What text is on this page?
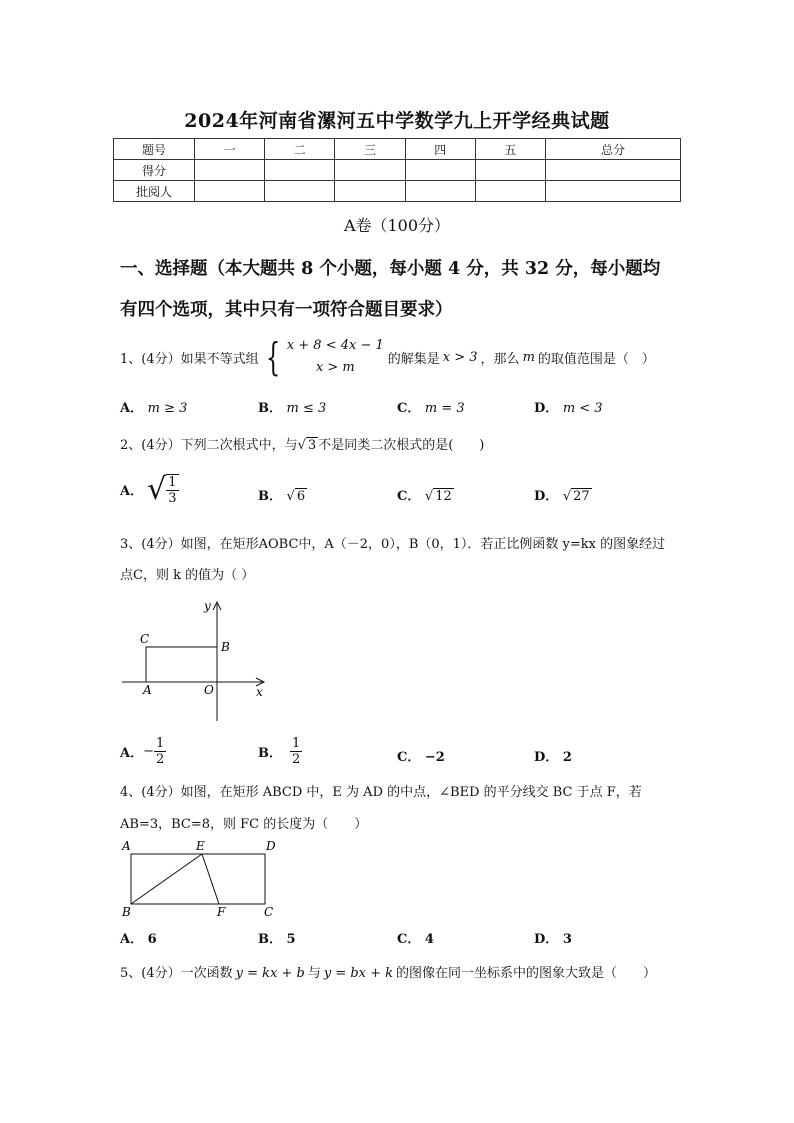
2024年河南省漯河五中学数学九上开学经典试题
题号	一	二	三	四	五	总分
得分						
批阅人						
A卷（100分）
一、选择题（本大题共 8 个小题，每小题 4 分，共 32 分，每小题均
有四个选项，其中只有一项符合题目要求）
1、(4分）如果不等式组 { x + 8 < 4x − 1
x > m
的解集是 x > 3 ，那么 m 的取值范围是（　）
A． m ≥ 3	B． m ≤ 3	C． m = 3	D． m < 3
2、(4分）下列二次根式中，与√ 3 不是同类二次根式的是(　　)
A． √ $\frac{1}{3}$	B． √ 6	C． √ 12	D． √ 27
3、(4分）如图，在矩形AOBC中，A（－2，0），B（0，1）．若正比例函数 y=kx 的图象经过
点C，则 k 的值为（ ）
y
x
C
B
A	O
A． − $\frac{1}{2}$	B． $\frac{1}{2}$	C． −2	D． 2
4、(4分）如图，在矩形 ABCD 中，E 为 AD 的中点，∠BED 的平分线交 BC 于点 F，若
AB=3，BC=8，则 FC 的长度为（　　）
A	E	D
B	F	C
A． 6	B． 5	C． 4	D． 3
5、(4分）一次函数 y = kx + b 与 y = bx + k 的图像在同一坐标系中的图象大致是（　　）
